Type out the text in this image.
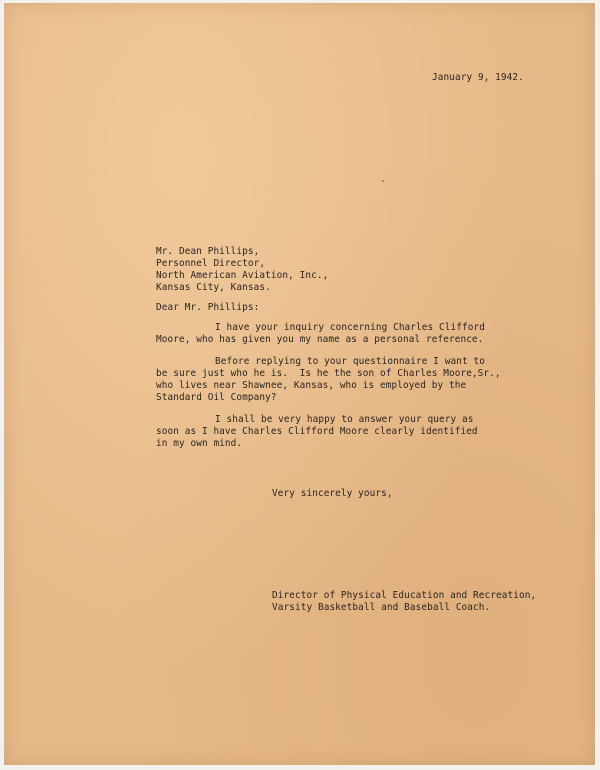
January 9, 1942.
Mr. Dean Phillips,
Personnel Director,
North American Aviation, Inc.,
Kansas City, Kansas.
Dear Mr. Phillips:
I have your inquiry concerning Charles Clifford
Moore, who has given you my name as a personal reference.
Before replying to your questionnaire I want to
be sure just who he is.  Is he the son of Charles Moore,Sr.,
who lives near Shawnee, Kansas, who is employed by the
Standard Oil Company?
I shall be very happy to answer your query as
soon as I have Charles Clifford Moore clearly identified
in my own mind.
Very sincerely yours,
Director of Physical Education and Recreation,
Varsity Basketball and Baseball Coach.
